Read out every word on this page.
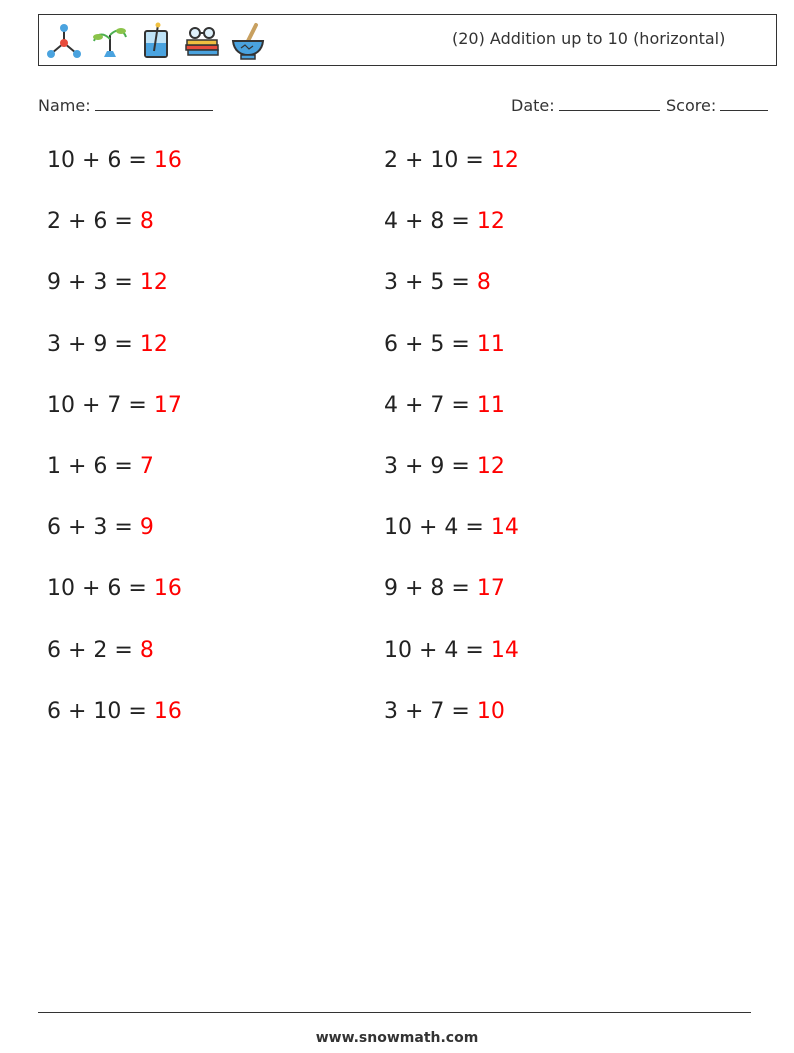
(20) Addition up to 10 (horizontal)
Name:	Date:	Score:
10 + 6 = 16
2 + 6 = 8
9 + 3 = 12
3 + 9 = 12
10 + 7 = 17
1 + 6 = 7
6 + 3 = 9
10 + 6 = 16
6 + 2 = 8
6 + 10 = 16
2 + 10 = 12
4 + 8 = 12
3 + 5 = 8
6 + 5 = 11
4 + 7 = 11
3 + 9 = 12
10 + 4 = 14
9 + 8 = 17
10 + 4 = 14
3 + 7 = 10
www.snowmath.com
